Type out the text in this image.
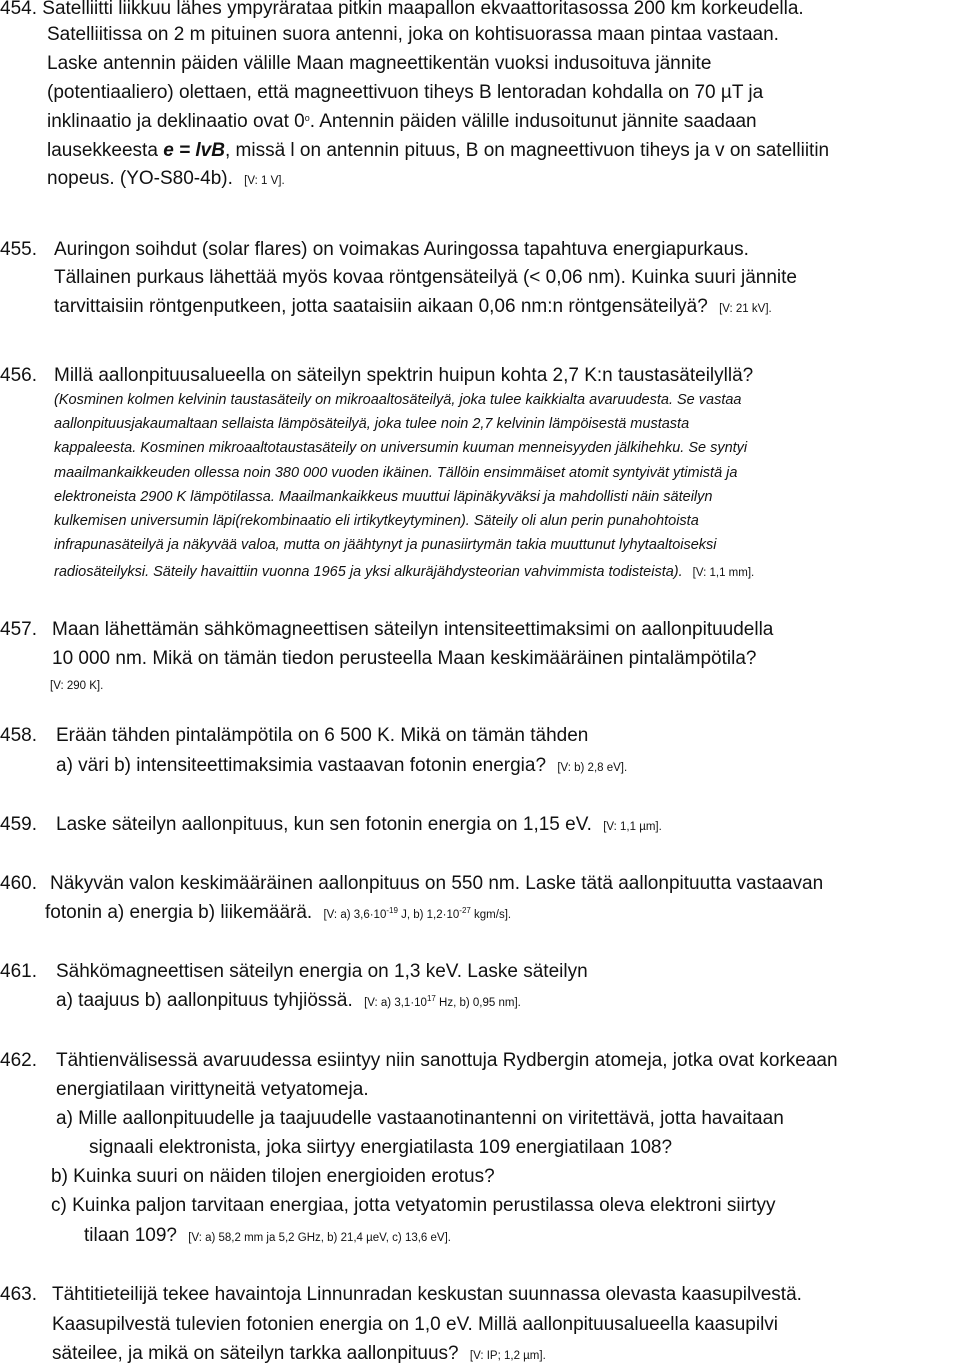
454. Satelliitti liikkuu lähes ympyrärataa pitkin maapallon ekvaattoritasossa 200 km korkeudella.
Satelliitissa on 2 m pituinen suora antenni, joka on kohtisuorassa maan pintaa vastaan.
Laske antennin päiden välille Maan magneettikentän vuoksi indusoituva jännite
(potentiaaliero) olettaen, että magneettivuon tiheys B lentoradan kohdalla on 70 µT ja
inklinaatio ja deklinaatio ovat 0$^o$. Antennin päiden välille indusoitunut jännite saadaan
lausekkeesta e = lvB, missä l on antennin pituus, B on magneettivuon tiheys ja v on satelliitin
nopeus. (YO-S80-4b). [V: 1 V].
455. Auringon soihdut (solar flares) on voimakas Auringossa tapahtuva energiapurkaus.
Tällainen purkaus lähettää myös kovaa röntgensäteilyä (< 0,06 nm). Kuinka suuri jännite
tarvittaisiin röntgenputkeen, jotta saataisiin aikaan 0,06 nm:n röntgensäteilyä? [V: 21 kV].
456. Millä aallonpituusalueella on säteilyn spektrin huipun kohta 2,7 K:n taustasäteilyllä?
(Kosminen kolmen kelvinin taustasäteily on mikroaaltosäteilyä, joka tulee kaikkialta avaruudesta. Se vastaa
aallonpituusjakaumaltaan sellaista lämpösäteilyä, joka tulee noin 2,7 kelvinin lämpöisestä mustasta
kappaleesta. Kosminen mikroaaltotaustasäteily on universumin kuuman menneisyyden jälkihehku. Se syntyi
maailmankaikkeuden ollessa noin 380 000 vuoden ikäinen. Tällöin ensimmäiset atomit syntyivät ytimistä ja
elektroneista 2900 K lämpötilassa. Maailmankaikkeus muuttui läpinäkyväksi ja mahdollisti näin säteilyn
kulkemisen universumin läpi(rekombinaatio eli irtikytkeytyminen). Säteily oli alun perin punahohtoista
infrapunasäteilyä ja näkyvää valoa, mutta on jäähtynyt ja punasiirtymän takia muuttunut lyhytaaltoiseksi
radiosäteilyksi. Säteily havaittiin vuonna 1965 ja yksi alkuräjähdysteorian vahvimmista todisteista). [V: 1,1 mm].
457. Maan lähettämän sähkömagneettisen säteilyn intensiteettimaksimi on aallonpituudella
10 000 nm. Mikä on tämän tiedon perusteella Maan keskimääräinen pintalämpötila?
[V: 290 K].
458. Erään tähden pintalämpötila on 6 500 K. Mikä on tämän tähden
a) väri b) intensiteettimaksimia vastaavan fotonin energia? [V: b) 2,8 eV].
459. Laske säteilyn aallonpituus, kun sen fotonin energia on 1,15 eV. [V: 1,1 µm].
460. Näkyvän valon keskimääräinen aallonpituus on 550 nm. Laske tätä aallonpituutta vastaavan
fotonin a) energia b) liikemäärä. [V: a) $3,6\cdot 10^{-19}$ J, b) $1,2\cdot 10^{-27}$ kgm/s].
461. Sähkömagneettisen säteilyn energia on 1,3 keV. Laske säteilyn
a) taajuus b) aallonpituus tyhjiössä. [V: a) $3,1\cdot 10^{17}$ Hz, b) 0,95 nm].
462. Tähtienvälisessä avaruudessa esiintyy niin sanottuja Rydbergin atomeja, jotka ovat korkeaan
energiatilaan virittyneitä vetyatomeja.
a) Mille aallonpituudelle ja taajuudelle vastaanotinantenni on viritettävä, jotta havaitaan
signaali elektronista, joka siirtyy energiatilasta 109 energiatilaan 108?
b) Kuinka suuri on näiden tilojen energioiden erotus?
c) Kuinka paljon tarvitaan energiaa, jotta vetyatomin perustilassa oleva elektroni siirtyy
tilaan 109? [V: a) 58,2 mm ja 5,2 GHz, b) 21,4 µeV, c) 13,6 eV].
463. Tähtitieteilijä tekee havaintoja Linnunradan keskustan suunnassa olevasta kaasupilvestä.
Kaasupilvestä tulevien fotonien energia on 1,0 eV. Millä aallonpituusalueella kaasupilvi
säteilee, ja mikä on säteilyn tarkka aallonpituus? [V: IP; 1,2 µm].
